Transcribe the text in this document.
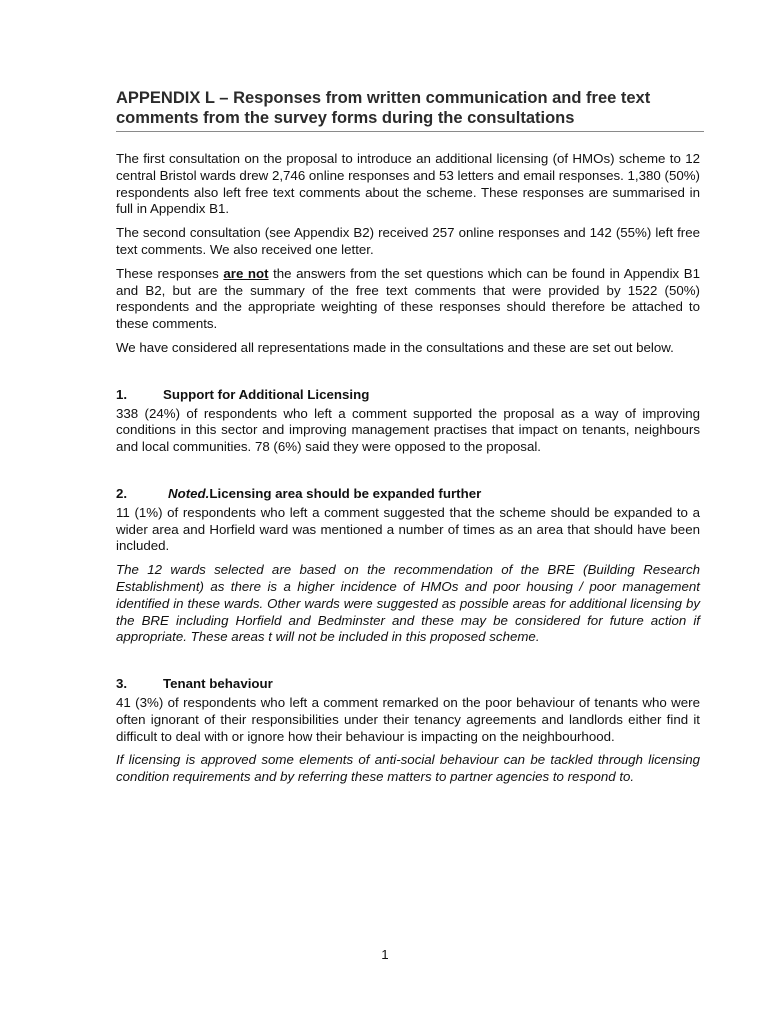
APPENDIX L – Responses from written communication and free text comments from the survey forms during the consultations

The first consultation on the proposal to introduce an additional licensing (of HMOs) scheme to 12 central Bristol wards drew 2,746 online responses and 53 letters and email responses. 1,380 (50%) respondents also left free text comments about the scheme. These responses are summarised in full in Appendix B1.

The second consultation (see Appendix B2) received 257 online responses and 142 (55%) left free text comments. We also received one letter.

These responses are not the answers from the set questions which can be found in Appendix B1 and B2, but are the summary of the free text comments that were provided by 1522 (50%) respondents and the appropriate weighting of these responses should therefore be attached to these comments.

We have considered all representations made in the consultations and these are set out below.

1.	Support for Additional Licensing

338 (24%) of respondents who left a comment supported the proposal as a way of improving conditions in this sector and improving management practises that impact on tenants, neighbours and local communities. 78 (6%) said they were opposed to the proposal.

2.	Noted.Licensing area should be expanded further

11 (1%) of respondents who left a comment suggested that the scheme should be expanded to a wider area and Horfield ward was mentioned a number of times as an area that should have been included.

The 12 wards selected are based on the recommendation of the BRE (Building Research Establishment) as there is a higher incidence of HMOs and poor housing / poor management identified in these wards. Other wards were suggested as possible areas for additional licensing by the BRE including Horfield and Bedminster and these may be considered for future action if appropriate. These areas t will not be included in this proposed scheme.

3.	Tenant behaviour

41 (3%) of respondents who left a comment remarked on the poor behaviour of tenants who were often ignorant of their responsibilities under their tenancy agreements and landlords either find it difficult to deal with or ignore how their behaviour is impacting on the neighbourhood.

If licensing is approved some elements of anti-social behaviour can be tackled through licensing condition requirements and by referring these matters to partner agencies to respond to.

1
